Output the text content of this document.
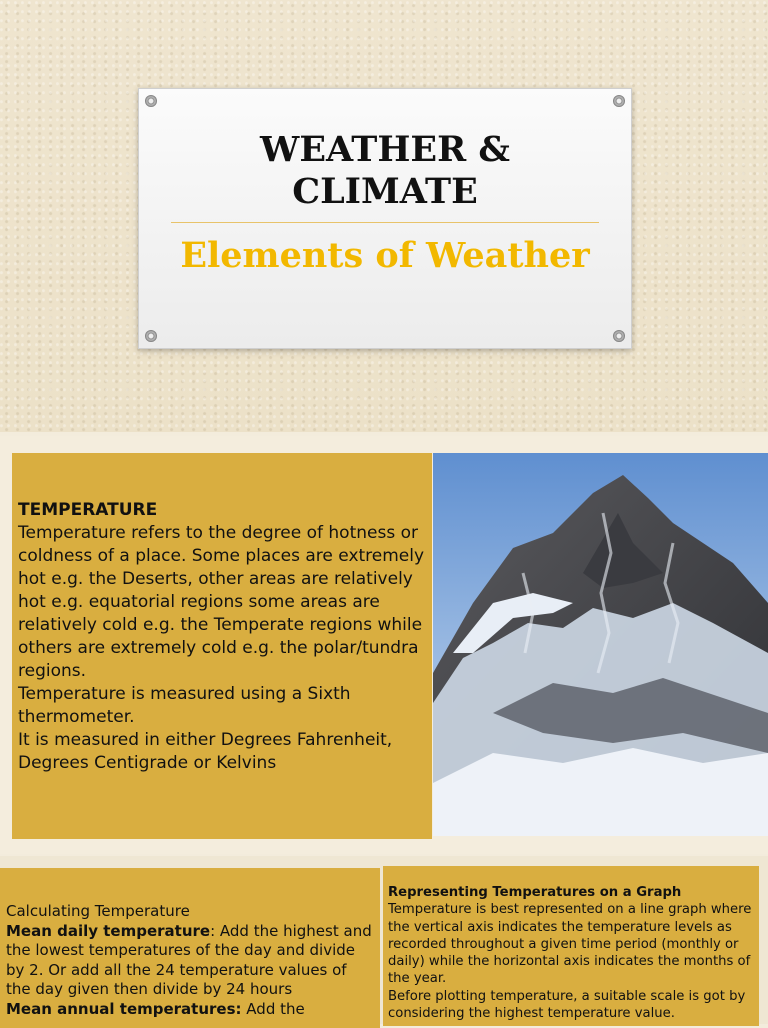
WEATHER &
CLIMATE
Elements of Weather
TEMPERATURE
Temperature refers to the degree of hotness or coldness of a place. Some places are extremely hot e.g. the Deserts, other areas are relatively hot e.g. equatorial regions some areas are relatively cold e.g. the Temperate regions while others are extremely cold e.g. the polar/tundra regions.
Temperature is measured using a Sixth thermometer.
It is measured in either Degrees Fahrenheit, Degrees Centigrade or Kelvins
Calculating Temperature
Mean daily temperature: Add the highest and the lowest temperatures of the day and divide by 2. Or add all the 24 temperature values of the day given then divide by 24 hours
Mean annual temperatures: Add the
Representing Temperatures on a Graph
Temperature is best represented on a line graph where the vertical axis indicates the temperature levels as recorded throughout a given time period (monthly or daily) while the horizontal axis indicates the months of the year.
Before plotting temperature, a suitable scale is got by considering the highest temperature value.
